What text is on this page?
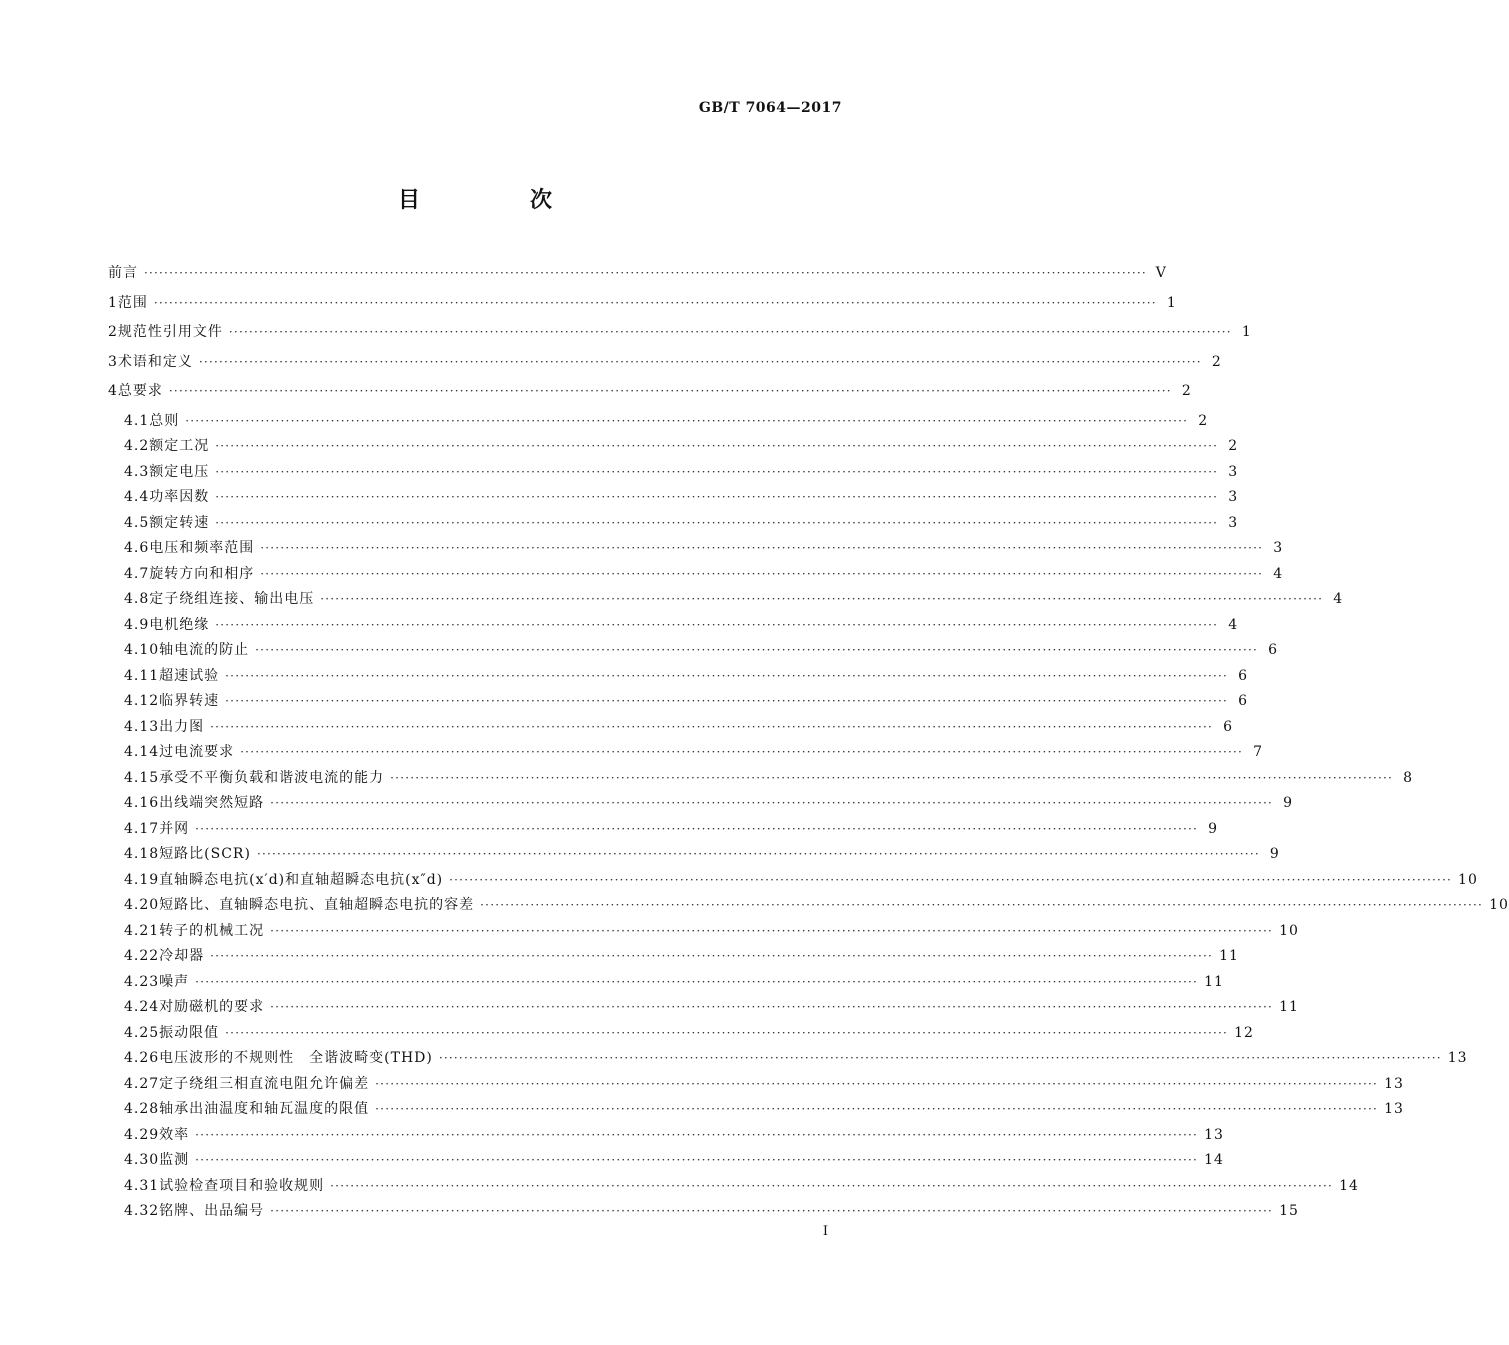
GB/T 7064—2017
目　次
前言 ········································································································································································································ Ⅴ
1 范围 ········································································································································································································ 1
2 规范性引用文件 ········································································································································································································ 1
3 术语和定义 ········································································································································································································ 2
4 总要求 ········································································································································································································ 2
4.1 总则 ········································································································································································································ 2
4.2 额定工况 ········································································································································································································ 2
4.3 额定电压 ········································································································································································································ 3
4.4 功率因数 ········································································································································································································ 3
4.5 额定转速 ········································································································································································································ 3
4.6 电压和频率范围 ········································································································································································································ 3
4.7 旋转方向和相序 ········································································································································································································ 4
4.8 定子绕组连接、输出电压 ········································································································································································································ 4
4.9 电机绝缘 ········································································································································································································ 4
4.10 轴电流的防止 ········································································································································································································ 6
4.11 超速试验 ········································································································································································································ 6
4.12 临界转速 ········································································································································································································ 6
4.13 出力图 ········································································································································································································ 6
4.14 过电流要求 ········································································································································································································ 7
4.15 承受不平衡负载和谐波电流的能力 ········································································································································································································ 8
4.16 出线端突然短路 ········································································································································································································ 9
4.17 并网 ········································································································································································································ 9
4.18 短路比(SCR) ········································································································································································································ 9
4.19 直轴瞬态电抗(x′d)和直轴超瞬态电抗(x″d) ········································································································································································································ 10
4.20 短路比、直轴瞬态电抗、直轴超瞬态电抗的容差 ········································································································································································································ 10
4.21 转子的机械工况 ········································································································································································································ 10
4.22 冷却器 ········································································································································································································ 11
4.23 噪声 ········································································································································································································ 11
4.24 对励磁机的要求 ········································································································································································································ 11
4.25 振动限值 ········································································································································································································ 12
4.26 电压波形的不规则性　全谐波畸变(THD) ········································································································································································································ 13
4.27 定子绕组三相直流电阻允许偏差 ········································································································································································································ 13
4.28 轴承出油温度和轴瓦温度的限值 ········································································································································································································ 13
4.29 效率 ········································································································································································································ 13
4.30 监测 ········································································································································································································ 14
4.31 试验检查项目和验收规则 ········································································································································································································ 14
4.32 铭牌、出品编号 ········································································································································································································ 15
Ⅰ
